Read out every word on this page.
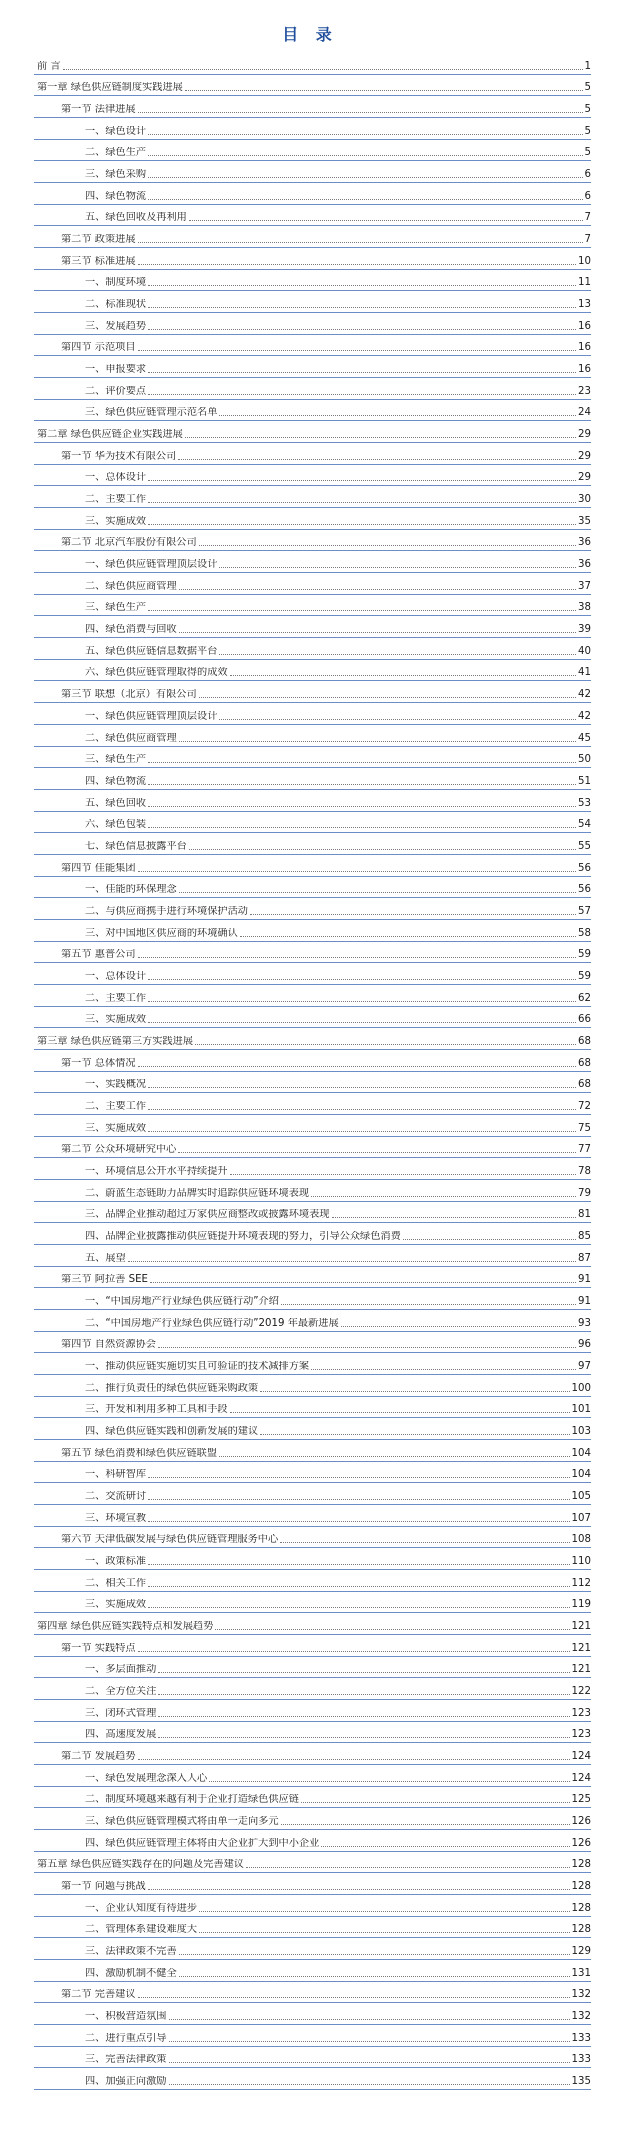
目 录
前 言	1
第一章 绿色供应链制度实践进展	5
第一节 法律进展	5
一、绿色设计	5
二、绿色生产	5
三、绿色采购	6
四、绿色物流	6
五、绿色回收及再利用	7
第二节 政策进展	7
第三节 标准进展	10
一、制度环境	11
二、标准现状	13
三、发展趋势	16
第四节 示范项目	16
一、申报要求	16
二、评价要点	23
三、绿色供应链管理示范名单	24
第二章 绿色供应链企业实践进展	29
第一节 华为技术有限公司	29
一、总体设计	29
二、主要工作	30
三、实施成效	35
第二节 北京汽车股份有限公司	36
一、绿色供应链管理顶层设计	36
二、绿色供应商管理	37
三、绿色生产	38
四、绿色消费与回收	39
五、绿色供应链信息数据平台	40
六、绿色供应链管理取得的成效	41
第三节 联想（北京）有限公司	42
一、绿色供应链管理顶层设计	42
二、绿色供应商管理	45
三、绿色生产	50
四、绿色物流	51
五、绿色回收	53
六、绿色包装	54
七、绿色信息披露平台	55
第四节 佳能集团	56
一、佳能的环保理念	56
二、与供应商携手进行环境保护活动	57
三、对中国地区供应商的环境确认	58
第五节 惠普公司	59
一、总体设计	59
二、主要工作	62
三、实施成效	66
第三章 绿色供应链第三方实践进展	68
第一节 总体情况	68
一、实践概况	68
二、主要工作	72
三、实施成效	75
第二节 公众环境研究中心	77
一、环境信息公开水平持续提升	78
二、蔚蓝生态链助力品牌实时追踪供应链环境表现	79
三、品牌企业推动超过万家供应商整改或披露环境表现	81
四、品牌企业披露推动供应链提升环境表现的努力，引导公众绿色消费	85
五、展望	87
第三节 阿拉善 SEE	91
一、“中国房地产行业绿色供应链行动”介绍	91
二、“中国房地产行业绿色供应链行动”2019 年最新进展	93
第四节 自然资源协会	96
一、推动供应链实施切实且可验证的技术减排方案	97
二、推行负责任的绿色供应链采购政策	100
三、开发和利用多种工具和手段	101
四、绿色供应链实践和创新发展的建议	103
第五节 绿色消费和绿色供应链联盟	104
一、科研智库	104
二、交流研讨	105
三、环境宣教	107
第六节 天津低碳发展与绿色供应链管理服务中心	108
一、政策标准	110
二、相关工作	112
三、实施成效	119
第四章 绿色供应链实践特点和发展趋势	121
第一节 实践特点	121
一、多层面推动	121
二、全方位关注	122
三、闭环式管理	123
四、高速度发展	123
第二节 发展趋势	124
一、绿色发展理念深入人心	124
二、制度环境越来越有利于企业打造绿色供应链	125
三、绿色供应链管理模式将由单一走向多元	126
四、绿色供应链管理主体将由大企业扩大到中小企业	126
第五章 绿色供应链实践存在的问题及完善建议	128
第一节 问题与挑战	128
一、企业认知度有待进步	128
二、管理体系建设难度大	128
三、法律政策不完善	129
四、激励机制不健全	131
第二节 完善建议	132
一、积极营造氛围	132
二、进行重点引导	133
三、完善法律政策	133
四、加强正向激励	135
